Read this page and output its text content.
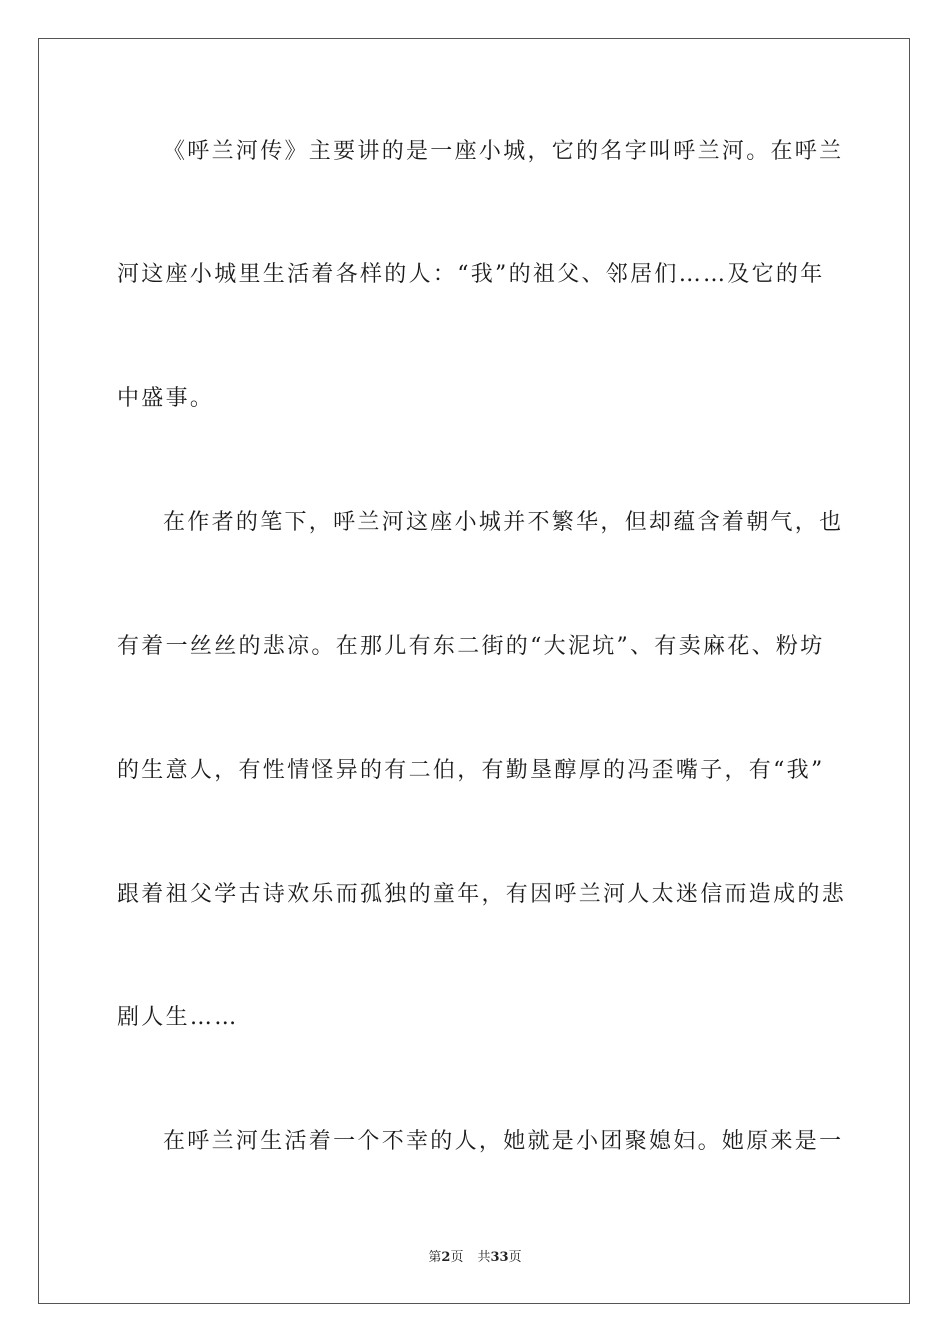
《呼兰河传》主要讲的是一座小城，它的名字叫呼兰河。在呼兰
河这座小城里生活着各样的人：“我”的祖父、邻居们……及它的年
中盛事。
在作者的笔下，呼兰河这座小城并不繁华，但却蕴含着朝气，也
有着一丝丝的悲凉。在那儿有东二街的“大泥坑”、有卖麻花、粉坊
的生意人，有性情怪异的有二伯，有勤垦醇厚的冯歪嘴子，有“我”
跟着祖父学古诗欢乐而孤独的童年，有因呼兰河人太迷信而造成的悲
剧人生……
在呼兰河生活着一个不幸的人，她就是小团聚媳妇。她原来是一
第2页 共33页
